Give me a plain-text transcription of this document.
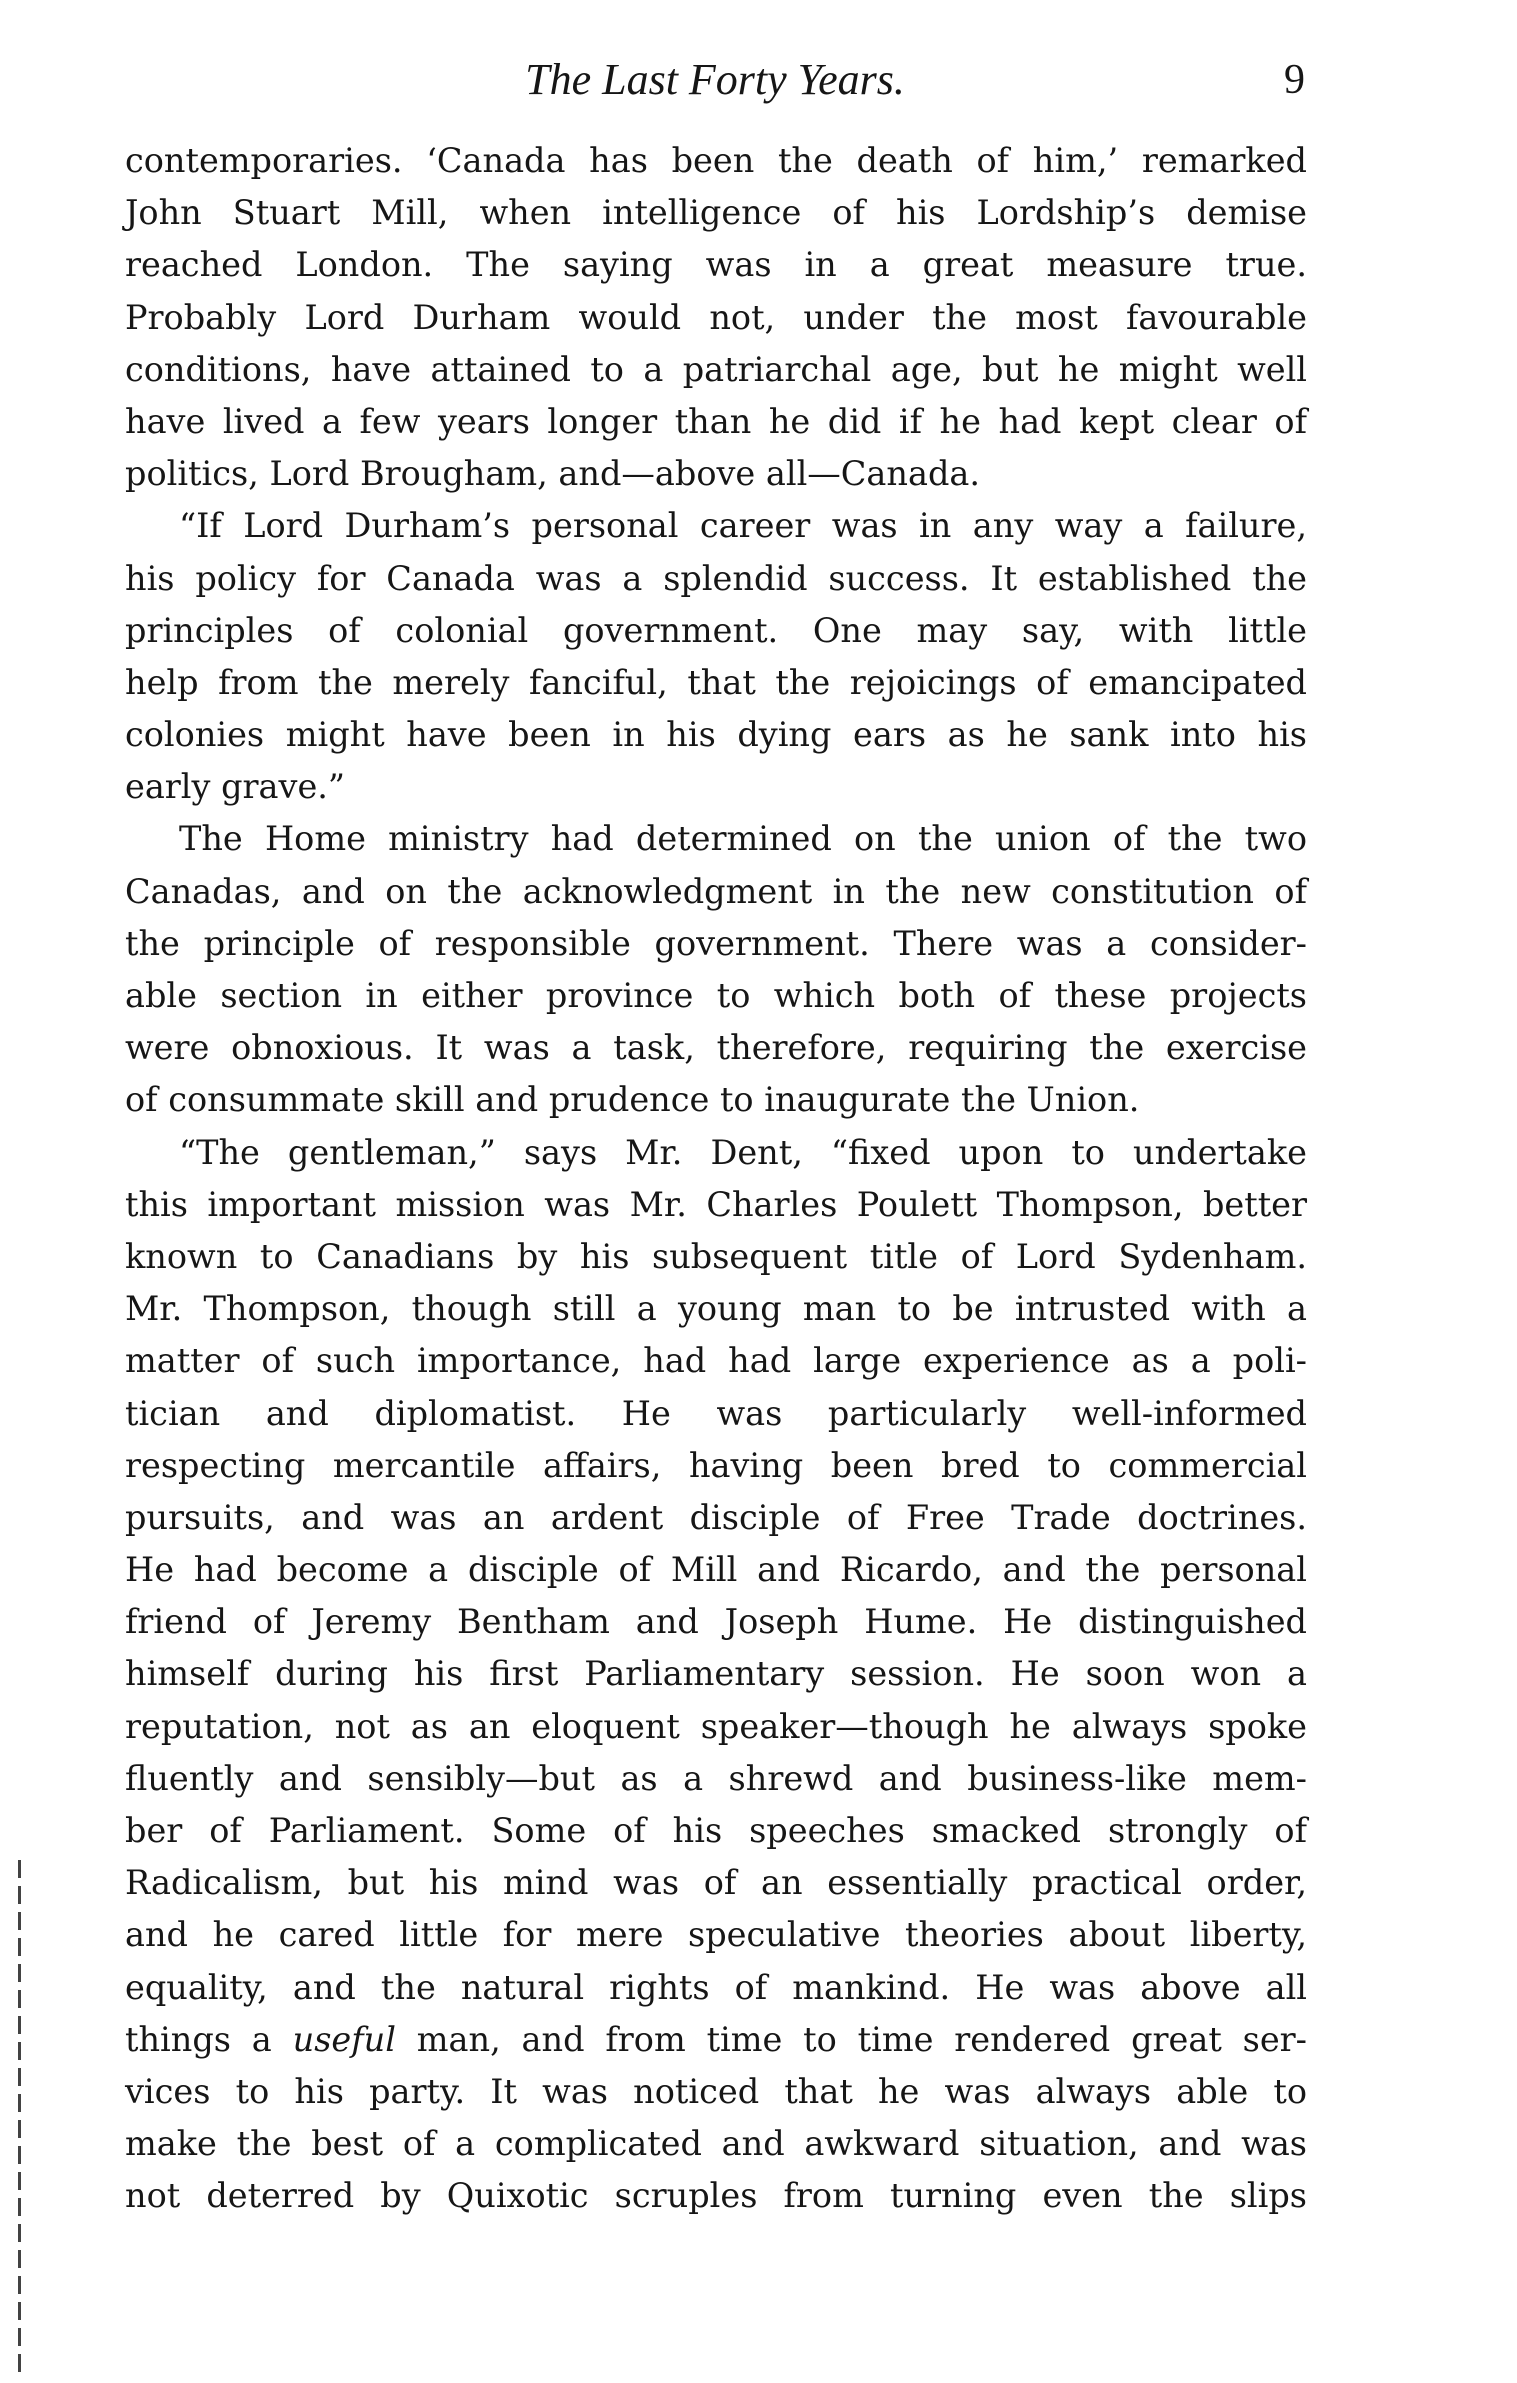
The Last Forty Years.	9
contemporaries. ‘Canada has been the death of him,’ remarked
John Stuart Mill, when intelligence of his Lordship’s demise
reached London. The saying was in a great measure true.
Probably Lord Durham would not, under the most favourable
conditions, have attained to a patriarchal age, but he might well
have lived a few years longer than he did if he had kept clear of
politics, Lord Brougham, and—above all—Canada.
“If Lord Durham’s personal career was in any way a failure,
his policy for Canada was a splendid success. It established the
principles of colonial government. One may say, with little
help from the merely fanciful, that the rejoicings of emancipated
colonies might have been in his dying ears as he sank into his
early grave.”
The Home ministry had determined on the union of the two
Canadas, and on the acknowledgment in the new constitution of
the principle of responsible government. There was a consider-
able section in either province to which both of these projects
were obnoxious. It was a task, therefore, requiring the exercise
of consummate skill and prudence to inaugurate the Union.
“The gentleman,” says Mr. Dent, “fixed upon to undertake
this important mission was Mr. Charles Poulett Thompson, better
known to Canadians by his subsequent title of Lord Sydenham.
Mr. Thompson, though still a young man to be intrusted with a
matter of such importance, had had large experience as a poli-
tician and diplomatist. He was particularly well-informed
respecting mercantile affairs, having been bred to commercial
pursuits, and was an ardent disciple of Free Trade doctrines.
He had become a disciple of Mill and Ricardo, and the personal
friend of Jeremy Bentham and Joseph Hume. He distinguished
himself during his first Parliamentary session. He soon won a
reputation, not as an eloquent speaker—though he always spoke
fluently and sensibly—but as a shrewd and business-like mem-
ber of Parliament. Some of his speeches smacked strongly of
Radicalism, but his mind was of an essentially practical order,
and he cared little for mere speculative theories about liberty,
equality, and the natural rights of mankind. He was above all
things a useful man, and from time to time rendered great ser-
vices to his party. It was noticed that he was always able to
make the best of a complicated and awkward situation, and was
not deterred by Quixotic scruples from turning even the slips
